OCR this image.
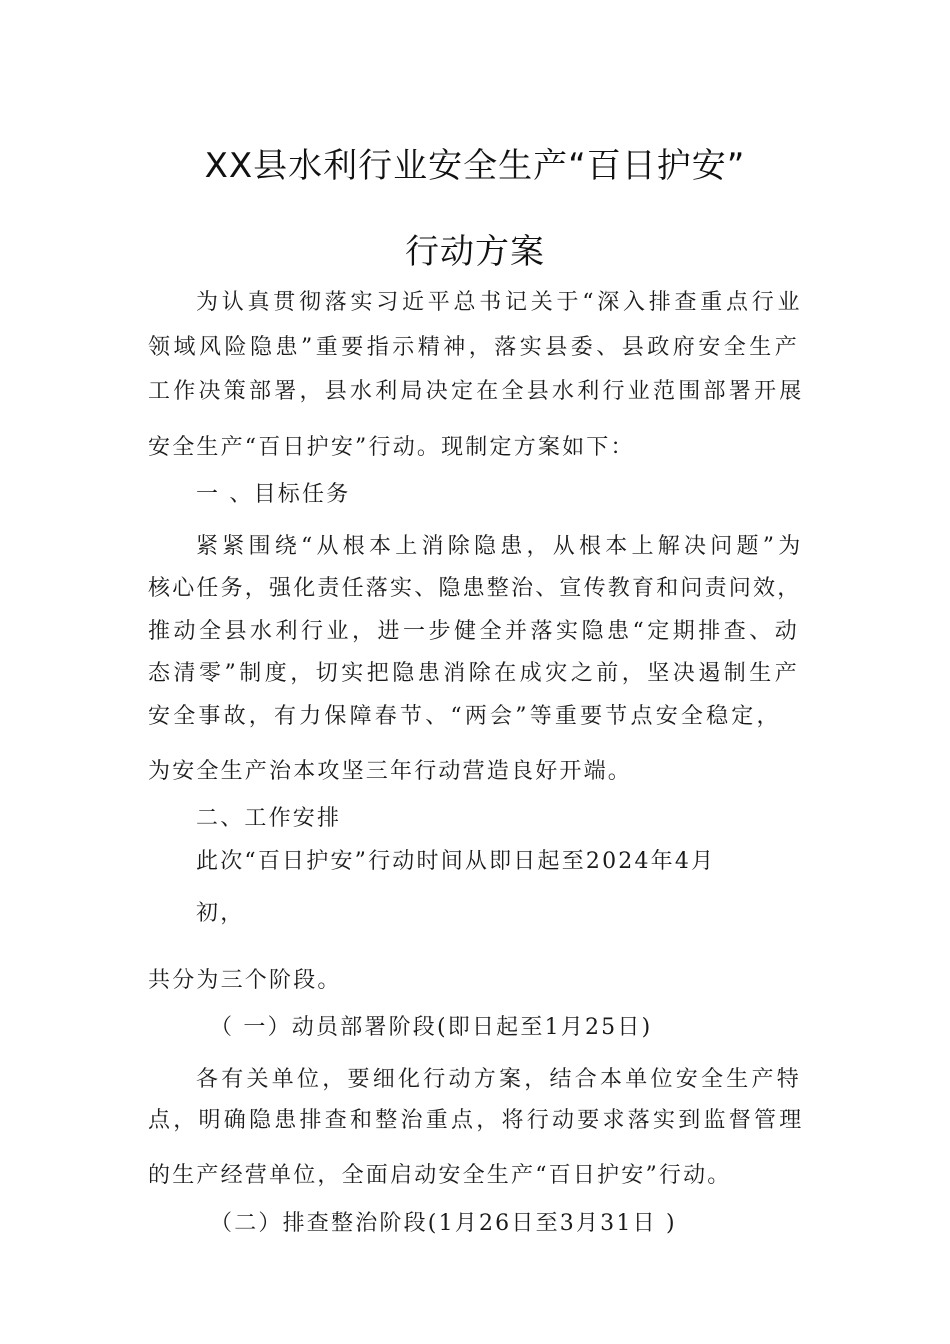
XX县水利行业安全生产“百日护安”
行动方案
为认真贯彻落实习近平总书记关于“深入排查重点行业
领域风险隐患”重要指示精神，落实县委、县政府安全生产
工作决策部署，县水利局决定在全县水利行业范围部署开展
安全生产“百日护安”行动。现制定方案如下：
一 、目标任务
紧紧围绕“从根本上消除隐患，从根本上解决问题”为
核心任务，强化责任落实、隐患整治、宣传教育和问责问效，
推动全县水利行业，进一步健全并落实隐患“定期排查、动
态清零”制度，切实把隐患消除在成灾之前，坚决遏制生产
安全事故，有力保障春节、“两会”等重要节点安全稳定，
为安全生产治本攻坚三年行动营造良好开端。
二、工作安排
此次“百日护安”行动时间从即日起至2024年4月
初，
共分为三个阶段。
（ 一）动员部署阶段(即日起至1月25日)
各有关单位，要细化行动方案，结合本单位安全生产特
点，明确隐患排查和整治重点，将行动要求落实到监督管理
的生产经营单位，全面启动安全生产“百日护安”行动。
（二）排查整治阶段(1月26日至3月31日 )
